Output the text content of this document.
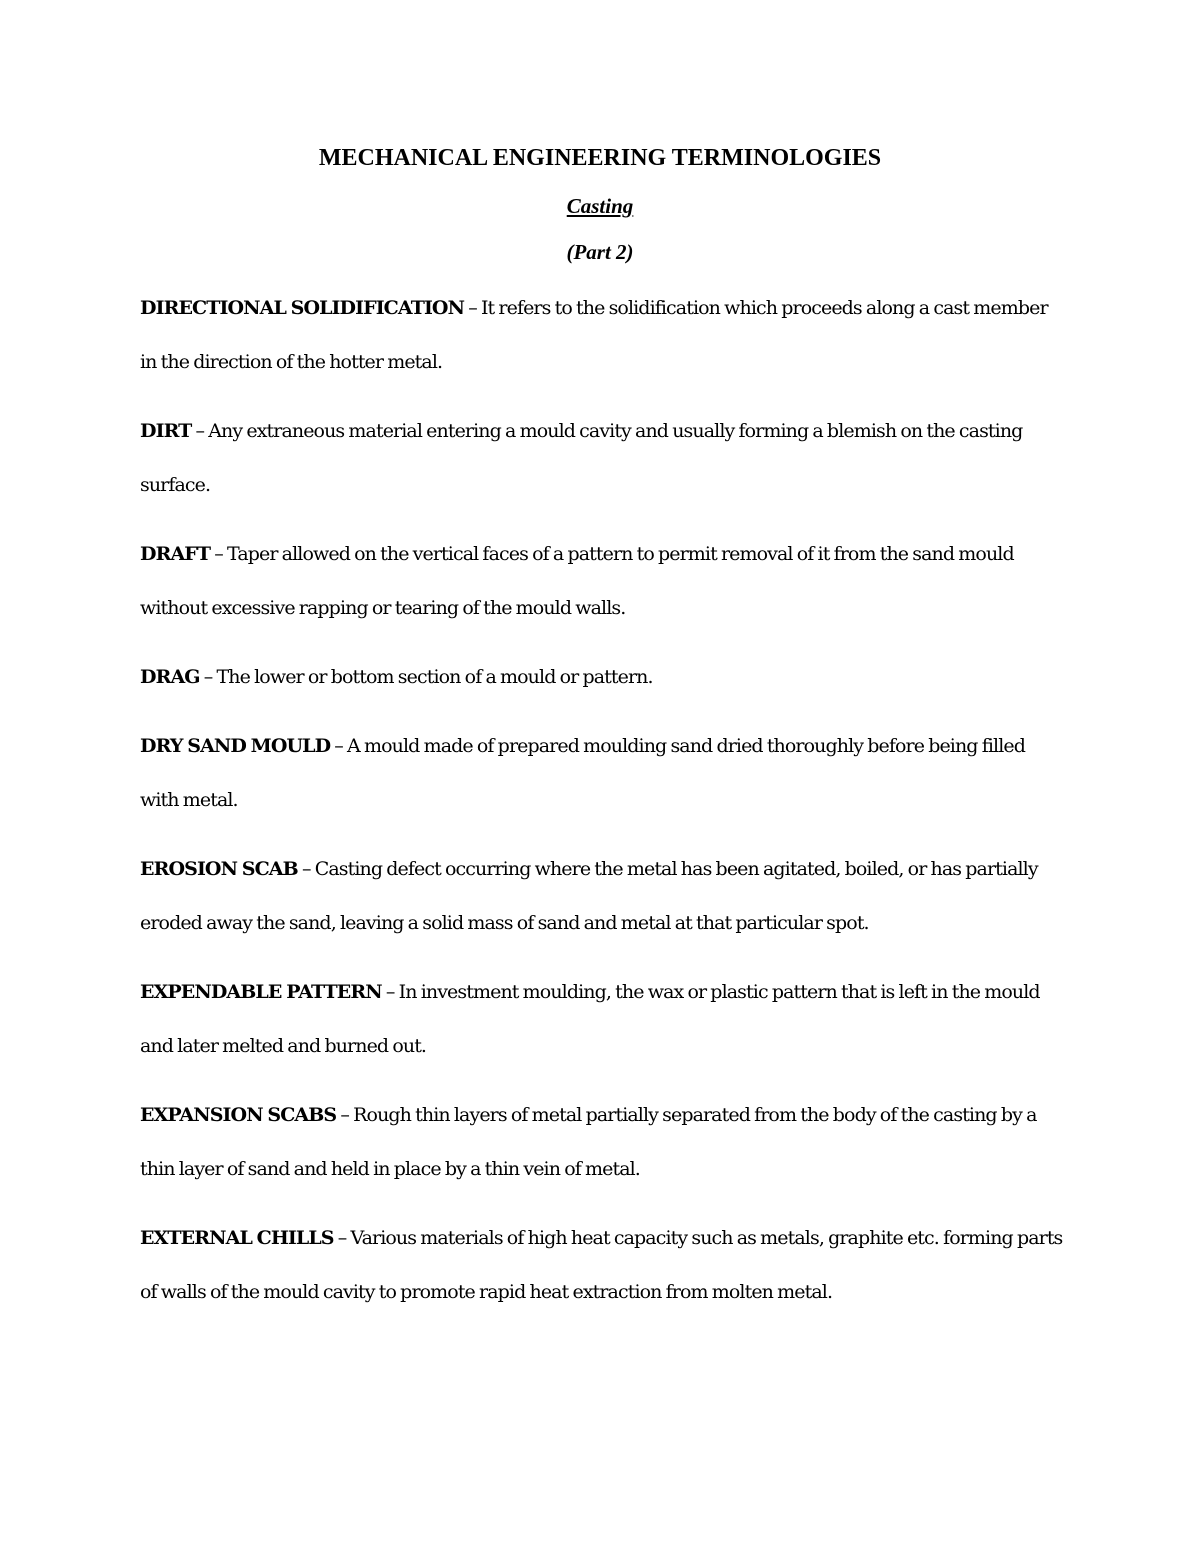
MECHANICAL ENGINEERING TERMINOLOGIES
Casting
(Part 2)

DIRECTIONAL SOLIDIFICATION – It refers to the solidification which proceeds along a cast member in the direction of the hotter metal.

DIRT – Any extraneous material entering a mould cavity and usually forming a blemish on the casting surface.

DRAFT – Taper allowed on the vertical faces of a pattern to permit removal of it from the sand mould without excessive rapping or tearing of the mould walls.

DRAG – The lower or bottom section of a mould or pattern.

DRY SAND MOULD – A mould made of prepared moulding sand dried thoroughly before being filled with metal.

EROSION SCAB – Casting defect occurring where the metal has been agitated, boiled, or has partially eroded away the sand, leaving a solid mass of sand and metal at that particular spot.

EXPENDABLE PATTERN – In investment moulding, the wax or plastic pattern that is left in the mould and later melted and burned out.

EXPANSION SCABS – Rough thin layers of metal partially separated from the body of the casting by a thin layer of sand and held in place by a thin vein of metal.

EXTERNAL CHILLS – Various materials of high heat capacity such as metals, graphite etc. forming parts of walls of the mould cavity to promote rapid heat extraction from molten metal.
